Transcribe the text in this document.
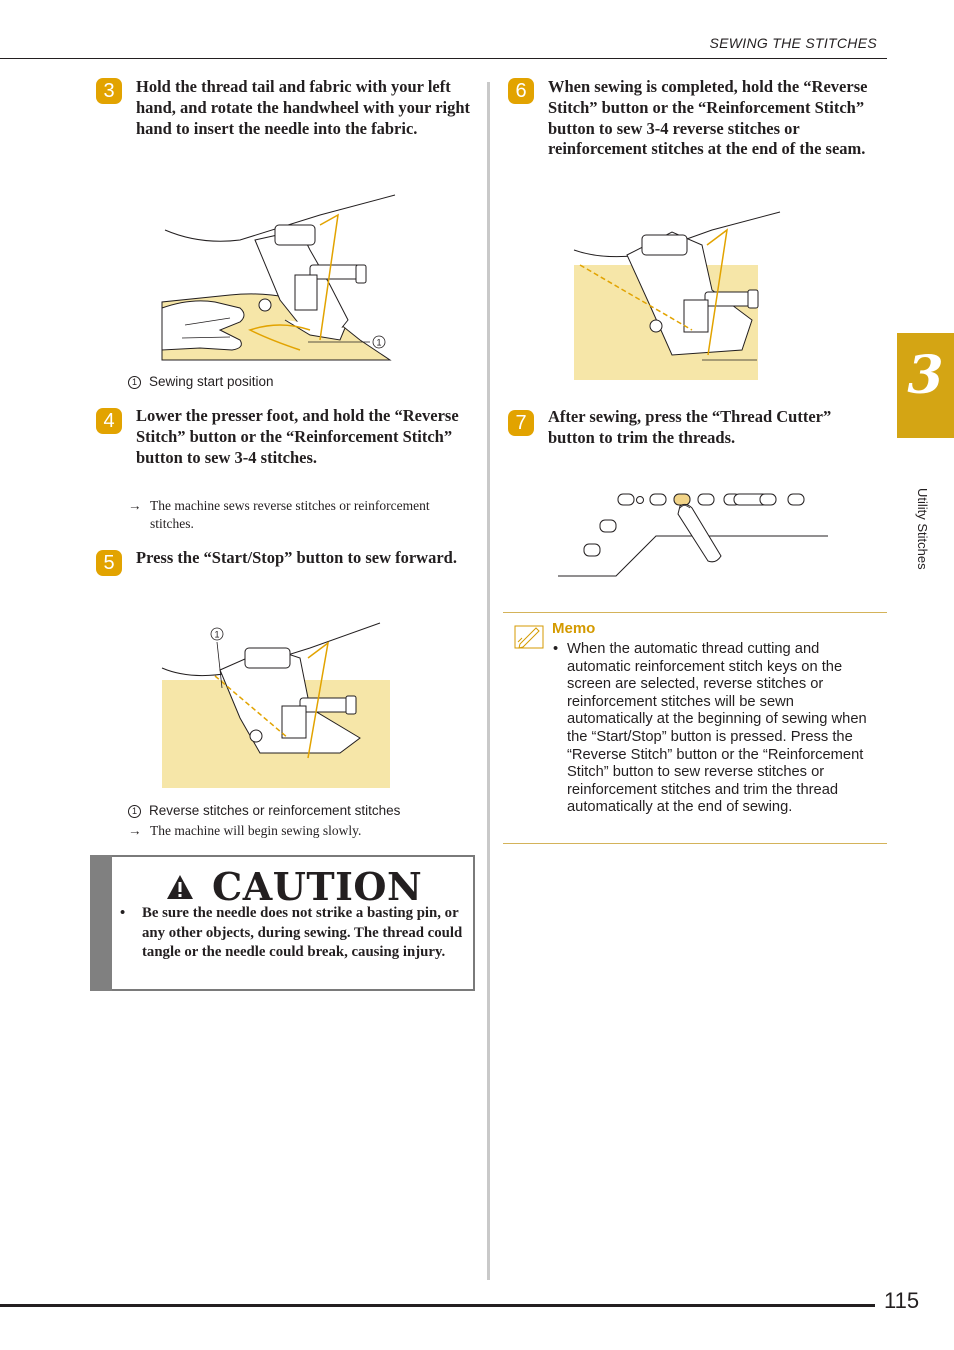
SEWING THE STITCHES
3	Hold the thread tail and fabric with your left hand, and rotate the handwheel with your right hand to insert the needle into the fabric.
1
1 Sewing start position
4	Lower the presser foot, and hold the “Reverse Stitch” button or the “Reinforcement Stitch” button to sew 3-4 stitches.
→ The machine sews reverse stitches or reinforcement stitches.
5	Press the “Start/Stop” button to sew forward.
1
1 Reverse stitches or reinforcement stitches
→ The machine will begin sewing slowly.
CAUTION
• Be sure the needle does not strike a basting pin, or any other objects, during sewing. The thread could tangle or the needle could break, causing injury.
6	When sewing is completed, hold the “Reverse Stitch” button or the “Reinforcement Stitch” button to sew 3-4 reverse stitches or reinforcement stitches at the end of the seam.
7	After sewing, press the “Thread Cutter” button to trim the threads.
Memo
• When the automatic thread cutting and automatic reinforcement stitch keys on the screen are selected, reverse stitches or reinforcement stitches will be sewn automatically at the beginning of sewing when the “Start/Stop” button is pressed. Press the “Reverse Stitch” button or the “Reinforcement Stitch” button to sew reverse stitches or reinforcement stitches and trim the thread automatically at the end of sewing.
3
Utility Stitches
115
